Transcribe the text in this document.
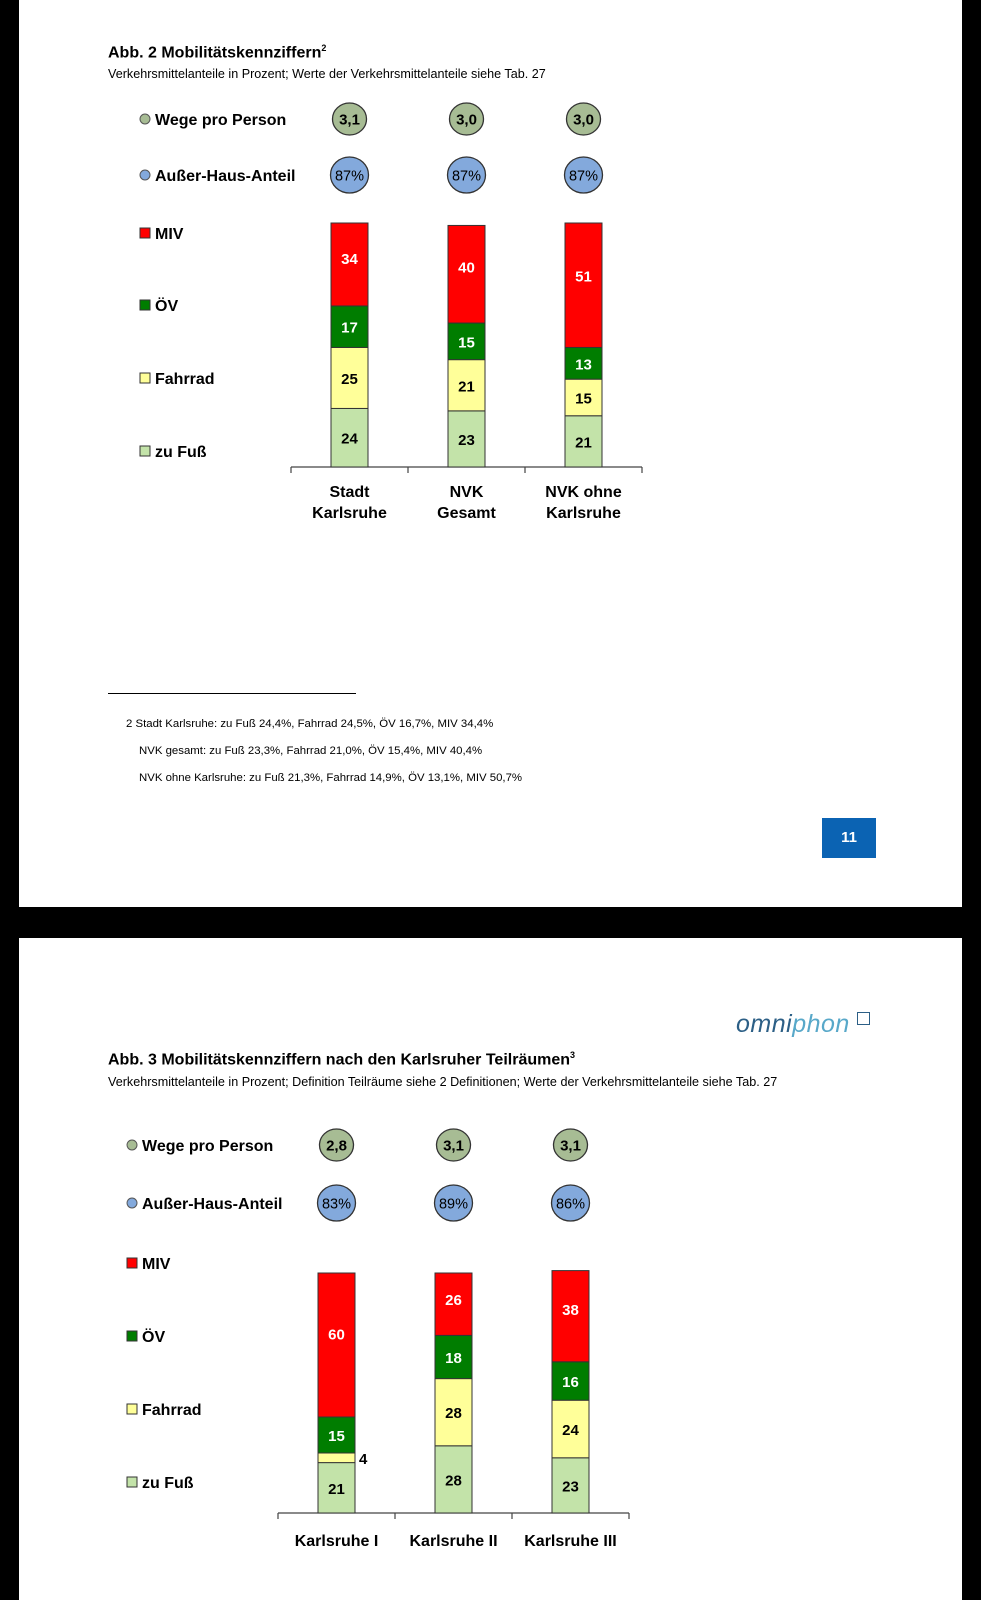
Abb. 2 Mobilitätskennziffern$^2$
Verkehrsmittelanteile in Prozent; Werte der Verkehrsmittelanteile siehe Tab. 27
Wege pro Person
Außer-Haus-Anteil
MIV
ÖV
Fahrrad
zu Fuß
3,1
87%
24
25
17
34
Stadt
Karlsruhe
3,0
87%
23
21
15
40
NVK
Gesamt
3,0
87%
21
15
13
51
NVK ohne
Karlsruhe
2 Stadt Karlsruhe: zu Fuß 24,4%, Fahrrad 24,5%, ÖV 16,7%, MIV 34,4%
NVK gesamt: zu Fuß 23,3%, Fahrrad 21,0%, ÖV 15,4%, MIV 40,4%
NVK ohne Karlsruhe: zu Fuß 21,3%, Fahrrad 14,9%, ÖV 13,1%, MIV 50,7%
11
omniphon
Abb. 3 Mobilitätskennziffern nach den Karlsruher Teilräumen$^3$
Verkehrsmittelanteile in Prozent; Definition Teilräume siehe 2 Definitionen; Werte der Verkehrsmittelanteile siehe Tab. 27
Wege pro Person
Außer-Haus-Anteil
MIV
ÖV
Fahrrad
zu Fuß
2,8
83%
21
4
15
60
Karlsruhe I
3,1
89%
28
28
18
26
Karlsruhe II
3,1
86%
23
24
16
38
Karlsruhe III
